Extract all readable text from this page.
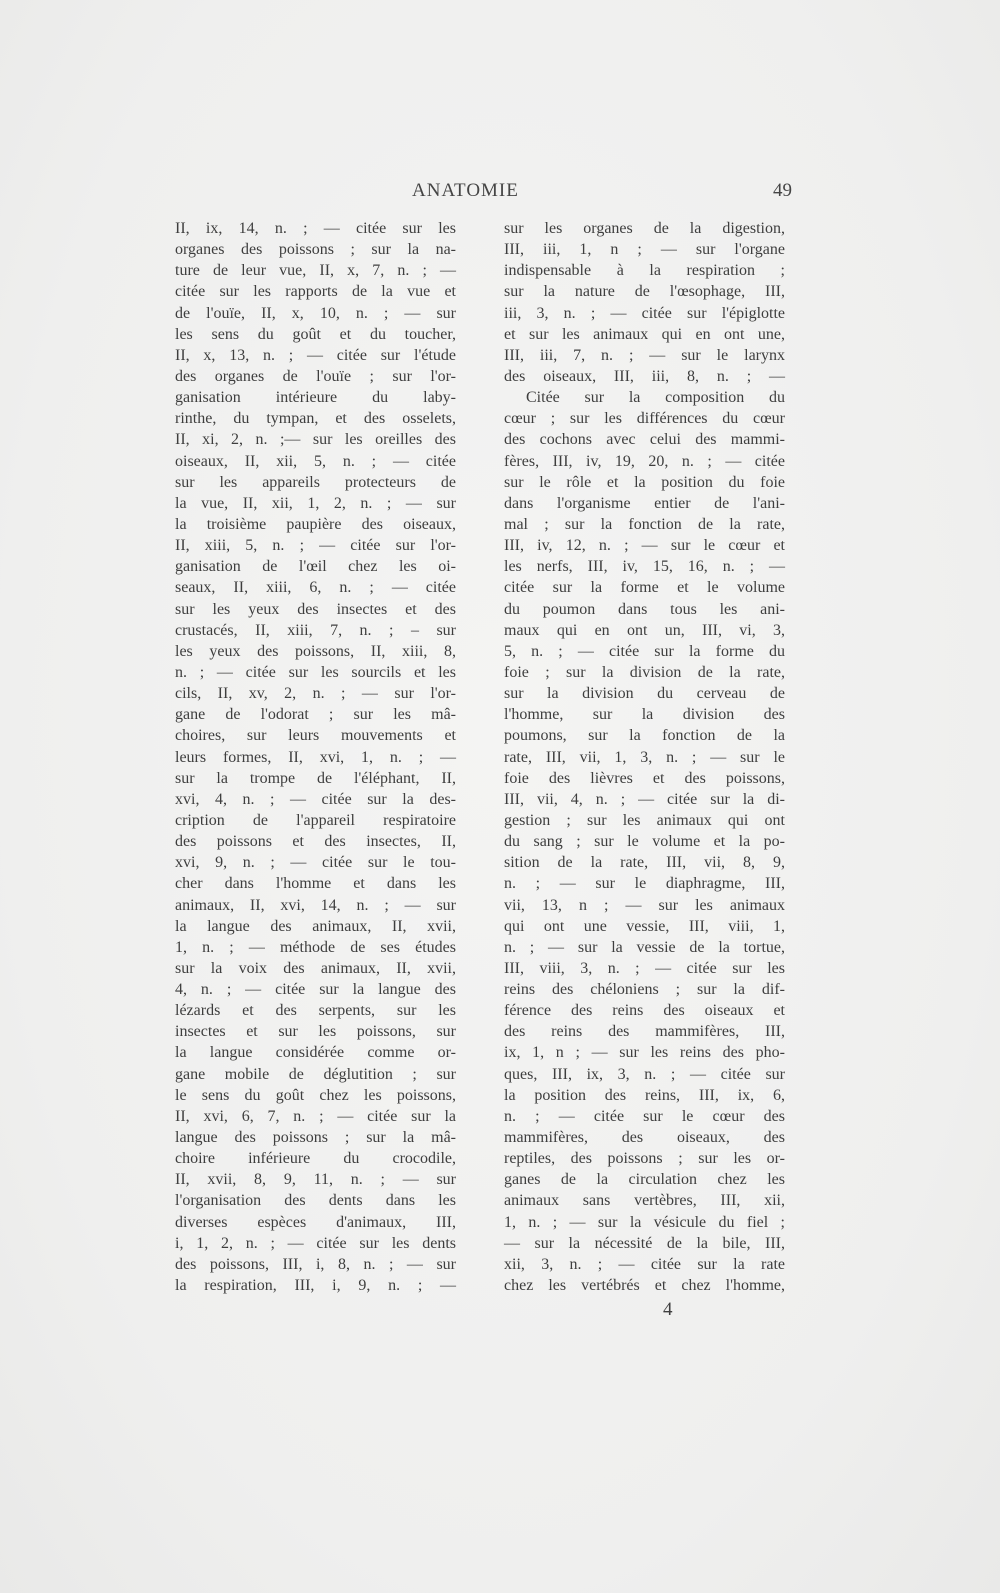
ANATOMIE	49
II, ix, 14, n. ; — citée sur les
organes des poissons ; sur la na-
ture de leur vue, II, x, 7, n. ; —
citée sur les rapports de la vue et
de l'ouïe, II, x, 10, n. ; — sur
les sens du goût et du toucher,
II, x, 13, n. ; — citée sur l'étude
des organes de l'ouïe ; sur l'or-
ganisation intérieure du laby-
rinthe, du tympan, et des osselets,
II, xi, 2, n. ;— sur les oreilles des
oiseaux, II, xii, 5, n. ; — citée
sur les appareils protecteurs de
la vue, II, xii, 1, 2, n. ; — sur
la troisième paupière des oiseaux,
II, xiii, 5, n. ; — citée sur l'or-
ganisation de l'œil chez les oi-
seaux, II, xiii, 6, n. ; — citée
sur les yeux des insectes et des
crustacés, II, xiii, 7, n. ; – sur
les yeux des poissons, II, xiii, 8,
n. ; — citée sur les sourcils et les
cils, II, xv, 2, n. ; — sur l'or-
gane de l'odorat ; sur les mâ-
choires, sur leurs mouvements et
leurs formes, II, xvi, 1, n. ; —
sur la trompe de l'éléphant, II,
xvi, 4, n. ; — citée sur la des-
cription de l'appareil respiratoire
des poissons et des insectes, II,
xvi, 9, n. ; — citée sur le tou-
cher dans l'homme et dans les
animaux, II, xvi, 14, n. ; — sur
la langue des animaux, II, xvii,
1, n. ; — méthode de ses études
sur la voix des animaux, II, xvii,
4, n. ; — citée sur la langue des
lézards et des serpents, sur les
insectes et sur les poissons, sur
la langue considérée comme or-
gane mobile de déglutition ; sur
le sens du goût chez les poissons,
II, xvi, 6, 7, n. ; — citée sur la
langue des poissons ; sur la mâ-
choire inférieure du crocodile,
II, xvii, 8, 9, 11, n. ; — sur
l'organisation des dents dans les
diverses espèces d'animaux, III,
i, 1, 2, n. ; — citée sur les dents
des poissons, III, i, 8, n. ; — sur
la respiration, III, i, 9, n. ; —
sur les organes de la digestion,
III, iii, 1, n ; — sur l'organe
indispensable à la respiration ;
sur la nature de l'œsophage, III,
iii, 3, n. ; — citée sur l'épiglotte
et sur les animaux qui en ont une,
III, iii, 7, n. ; — sur le larynx
des oiseaux, III, iii, 8, n. ; —
Citée sur la composition du
cœur ; sur les différences du cœur
des cochons avec celui des mammi-
fères, III, iv, 19, 20, n. ; — citée
sur le rôle et la position du foie
dans l'organisme entier de l'ani-
mal ; sur la fonction de la rate,
III, iv, 12, n. ; — sur le cœur et
les nerfs, III, iv, 15, 16, n. ; —
citée sur la forme et le volume
du poumon dans tous les ani-
maux qui en ont un, III, vi, 3,
5, n. ; — citée sur la forme du
foie ; sur la division de la rate,
sur la division du cerveau de
l'homme, sur la division des
poumons, sur la fonction de la
rate, III, vii, 1, 3, n. ; — sur le
foie des lièvres et des poissons,
III, vii, 4, n. ; — citée sur la di-
gestion ; sur les animaux qui ont
du sang ; sur le volume et la po-
sition de la rate, III, vii, 8, 9,
n. ; — sur le diaphragme, III,
vii, 13, n ; — sur les animaux
qui ont une vessie, III, viii, 1,
n. ; — sur la vessie de la tortue,
III, viii, 3, n. ; — citée sur les
reins des chéloniens ; sur la dif-
férence des reins des oiseaux et
des reins des mammifères, III,
ix, 1, n ; — sur les reins des pho-
ques, III, ix, 3, n. ; — citée sur
la position des reins, III, ix, 6,
n. ; — citée sur le cœur des
mammifères, des oiseaux, des
reptiles, des poissons ; sur les or-
ganes de la circulation chez les
animaux sans vertèbres, III, xii,
1, n. ; — sur la vésicule du fiel ;
— sur la nécessité de la bile, III,
xii, 3, n. ; — citée sur la rate
chez les vertébrés et chez l'homme,
4
